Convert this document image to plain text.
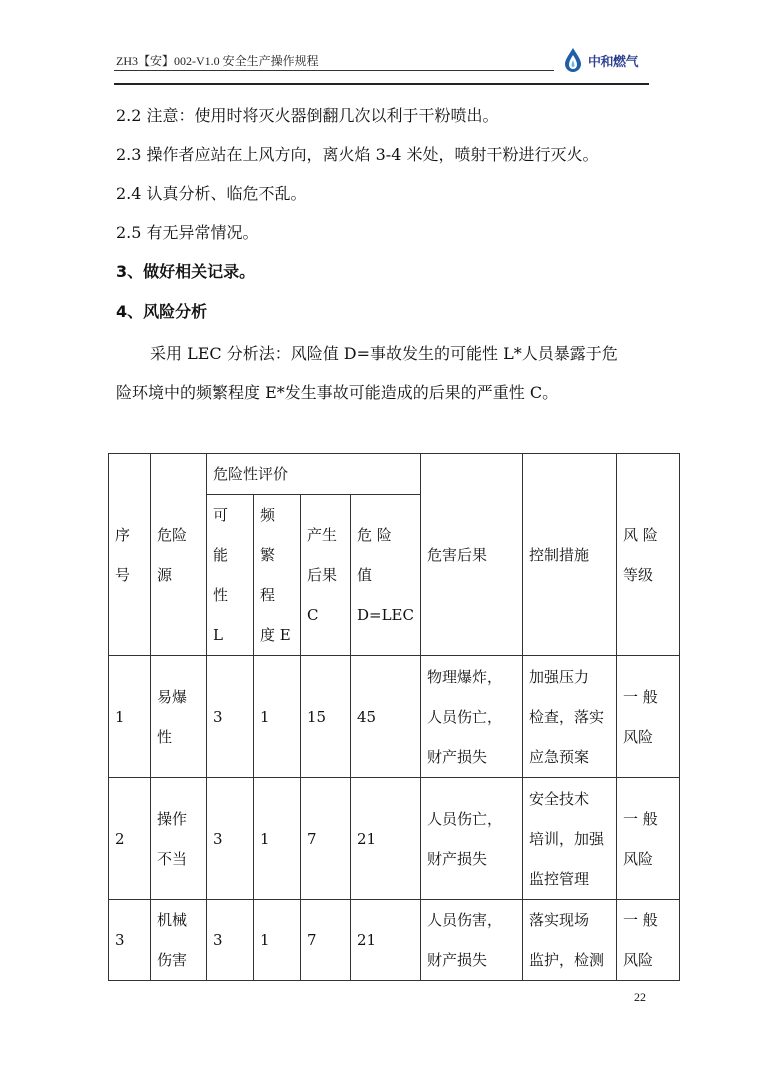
ZH3【安】002-V1.0 安全生产操作规程	中和燃气
2.2 注意：使用时将灭火器倒翻几次以利于干粉喷出。
2.3 操作者应站在上风方向，离火焰 3-4 米处，喷射干粉进行灭火。
2.4 认真分析、临危不乱。
2.5 有无异常情况。
3、做好相关记录。
4、风险分析
采用 LEC 分析法：风险值 D=事故发生的可能性 L*人员暴露于危
险环境中的频繁程度 E*发生事故可能造成的后果的严重性 C。
序
号	危险
源	危险性评价				危害后果	控制措施	风 险
等级

		可
能
性
L	频
繁
程
度 E	产生
后果
C	危 险
值
D=LEC			

1	易爆
性	3	1	15	45	物理爆炸，
人员伤亡，
财产损失	加强压力
检查，落实
应急预案	一 般
风险

2	操作
不当	3	1	7	21	人员伤亡，
财产损失	安全技术
培训，加强
监控管理	一 般
风险

3	机械
伤害	3	1	7	21	人员伤害，
财产损失	落实现场
监护，检测	一 般
风险
22
